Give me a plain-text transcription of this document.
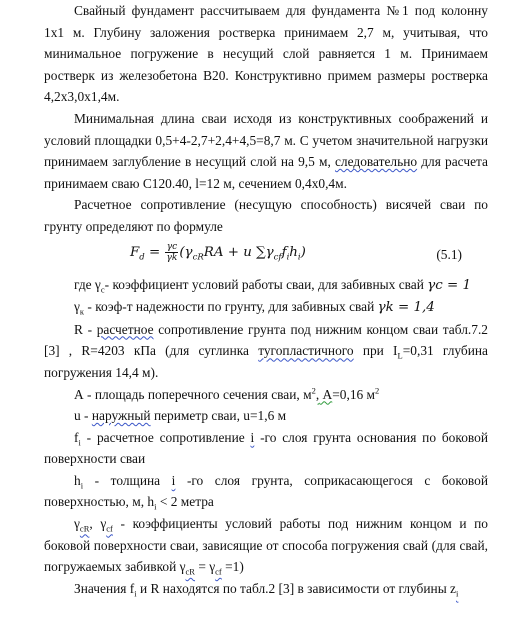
Свайный фундамент рассчитываем для фундамента №1 под колонну 1х1 м. Глубину заложения ростверка принимаем 2,7 м, учитывая, что минимальное погружение в несущий слой равняется 1 м. Принимаем ростверк из железобетона В20. Конструктивно примем размеры ростверка 4,2х3,0х1,4м.

Минимальная длина сваи исходя из конструктивных соображений и условий площадки 0,5+4-2,7+2,4+4,5=8,7 м. С учетом значительной нагрузки принимаем заглубление в несущий слой на 9,5 м, следовательно для расчета принимаем сваю С120.40, l=12 м, сечением 0,4х0,4м.

Расчетное сопротивление (несущую способность) висячей сваи по грунту определяют по формуле

$F_d = \frac{\gamma c}{\gamma k} (\gamma_{cR}RA + u$ $\sum\gamma_{cf}f_ih_i$)	(5.1)

где $\gamma_c-$ коэффициент условий работы сваи, для забивных свай γc = 1

$\gamma_к$ - коэф-т надежности по грунту, для забивных свай γk = 1,4

R - расчетное сопротивление грунта под нижним концом сваи табл.7.2 [3] , R=4203 кПа (для суглинка тугопластичного при $I_L=0,31$ глубина погружения 14,4 м).

А - площадь поперечного сечения сваи, $м^2$, А=0,16 $м^2$

u - наружный периметр сваи, u=1,6 м

$f_i$ - расчетное сопротивление i -го слоя грунта основания по боковой поверхности сваи

$h_i$ - толщина i -го слоя грунта, соприкасающегося с боковой поверхностью, м, $h_i < 2$ метра

$\gamma_{cR}$, $\gamma_{cf}$ - коэффициенты условий работы под нижним концом и по боковой поверхности сваи, зависящие от способа погружения свай (для свай, погружаемых забивкой $\gamma_{cR} = \gamma_{cf} =1$)

Значения $f_i$ и R находятся по табл.2 [3] в зависимости от глубины $z_i$
